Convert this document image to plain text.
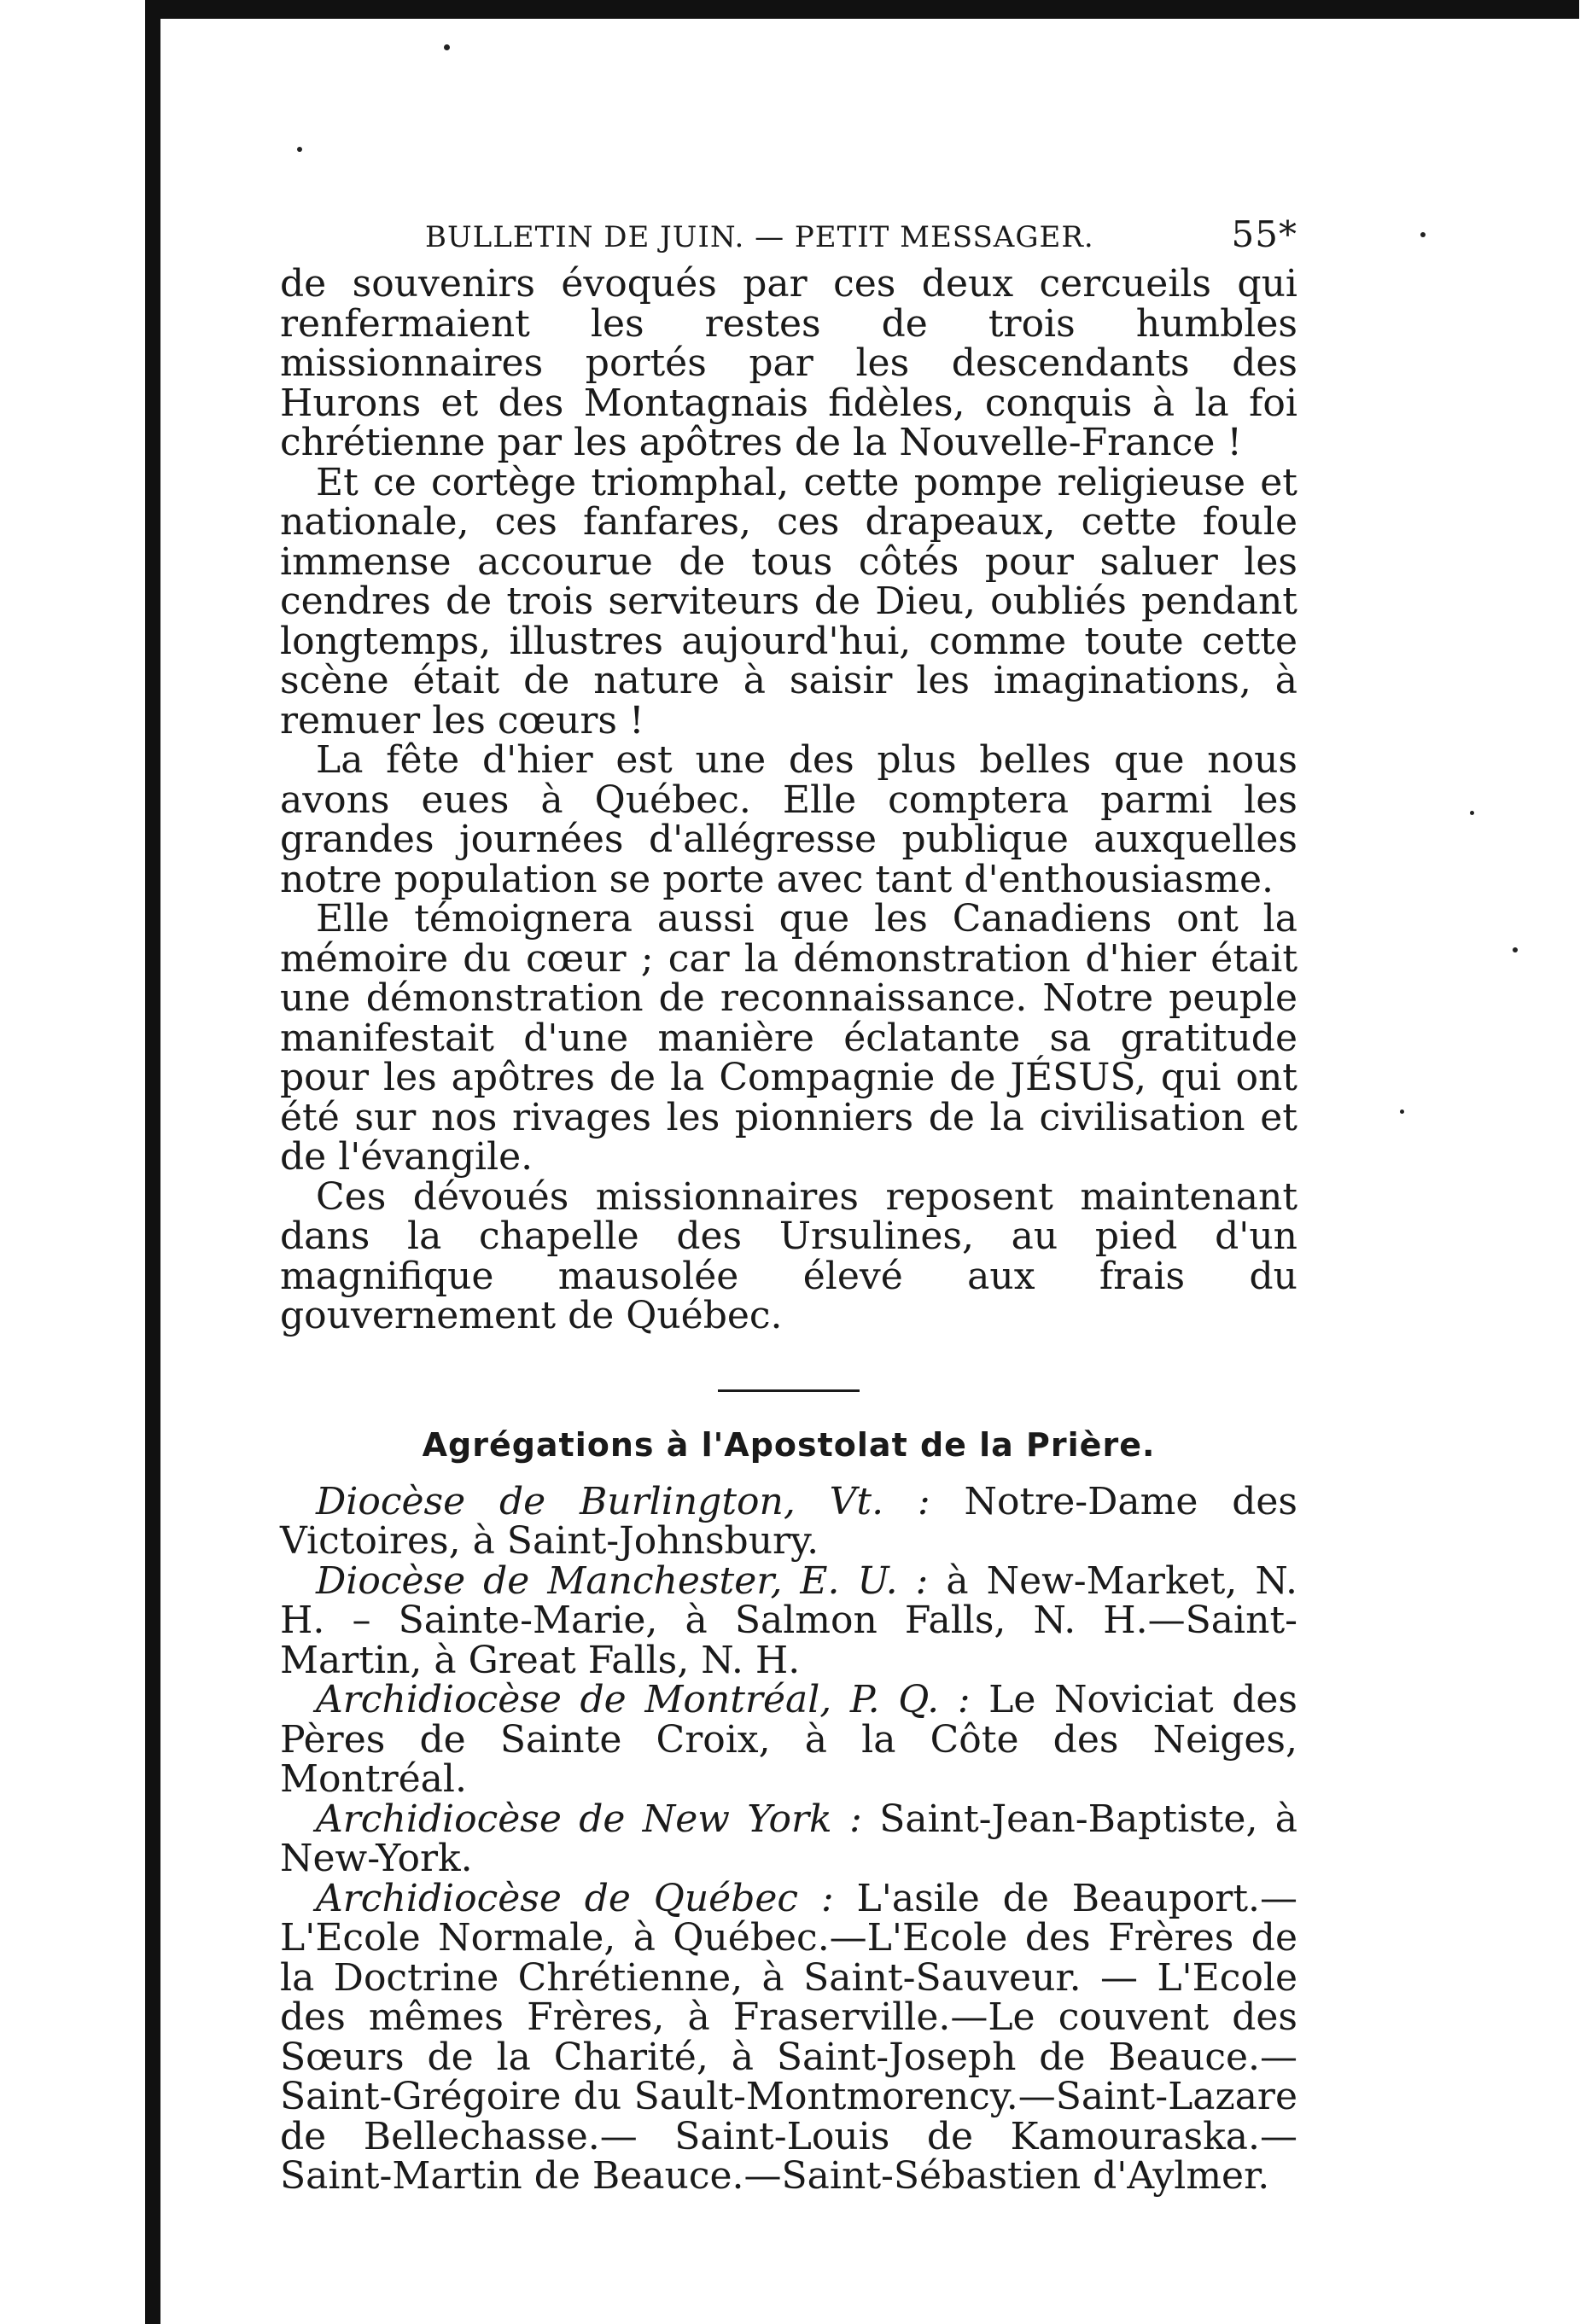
BULLETIN DE JUIN. — PETIT MESSAGER.	55*

de souvenirs évoqués par ces deux cercueils qui renfermaient les restes de trois humbles missionnaires portés par les descendants des Hurons et des Montagnais fidèles, conquis à la foi chrétienne par les apôtres de la Nouvelle-France !

Et ce cortège triomphal, cette pompe religieuse et nationale, ces fanfares, ces drapeaux, cette foule immense accourue de tous côtés pour saluer les cendres de trois serviteurs de Dieu, oubliés pendant longtemps, illustres aujourd'hui, comme toute cette scène était de nature à saisir les imaginations, à remuer les cœurs !

La fête d'hier est une des plus belles que nous avons eues à Québec. Elle comptera parmi les grandes journées d'allégresse publique auxquelles notre population se porte avec tant d'enthousiasme.

Elle témoignera aussi que les Canadiens ont la mémoire du cœur ; car la démonstration d'hier était une démonstration de reconnaissance. Notre peuple manifestait d'une manière éclatante sa gratitude pour les apôtres de la Compagnie de JÉSUS, qui ont été sur nos rivages les pionniers de la civilisation et de l'évangile.

Ces dévoués missionnaires reposent maintenant dans la chapelle des Ursulines, au pied d'un magnifique mausolée élevé aux frais du gouvernement de Québec.

Agrégations à l'Apostolat de la Prière.

Diocèse de Burlington, Vt. : Notre-Dame des Victoires, à Saint-Johnsbury.

Diocèse de Manchester, E. U. : à New-Market, N. H. – Sainte-Marie, à Salmon Falls, N. H.—Saint-Martin, à Great Falls, N. H.

Archidiocèse de Montréal, P. Q. : Le Noviciat des Pères de Sainte Croix, à la Côte des Neiges, Montréal.

Archidiocèse de New York : Saint-Jean-Baptiste, à New-York.

Archidiocèse de Québec : L'asile de Beauport.—L'Ecole Normale, à Québec.—L'Ecole des Frères de la Doctrine Chrétienne, à Saint-Sauveur. — L'Ecole des mêmes Frères, à Fraserville.—Le couvent des Sœurs de la Charité, à Saint-Joseph de Beauce.— Saint-Grégoire du Sault-Montmorency.—Saint-Lazare de Bellechasse.— Saint-Louis de Kamouraska.—Saint-Martin de Beauce.—Saint-Sébastien d'Aylmer.
